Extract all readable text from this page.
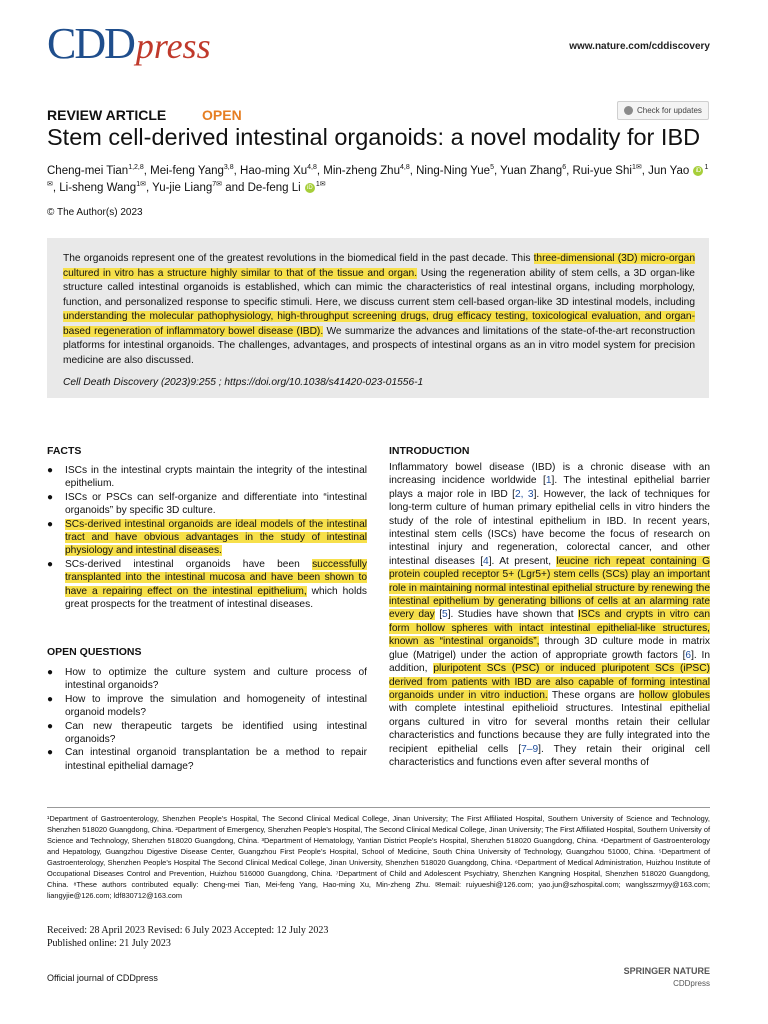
CDDpress	www.nature.com/cddiscovery
REVIEW ARTICLE	OPEN	Check for updates
Stem cell-derived intestinal organoids: a novel modality for IBD
Cheng-mei Tian$^{1,2,8}$, Mei-feng Yang$^{3,8}$, Hao-ming Xu$^{4,8}$, Min-zheng Zhu$^{4,8}$, Ning-Ning Yue$^5$, Yuan Zhang$^6$, Rui-yue Shi$^{1✉}$, Jun Yao iD $^{1✉}$, Li-sheng Wang$^{1✉}$, Yu-jie Liang$^{7✉}$ and De-feng Li iD $^{1✉}$
© The Author(s) 2023
The organoids represent one of the greatest revolutions in the biomedical field in the past decade. This three-dimensional (3D) micro-organ cultured in vitro has a structure highly similar to that of the tissue and organ. Using the regeneration ability of stem cells, a 3D organ-like structure called intestinal organoids is established, which can mimic the characteristics of real intestinal organs, including morphology, function, and personalized response to specific stimuli. Here, we discuss current stem cell-based organ-like 3D intestinal models, including understanding the molecular pathophysiology, high-throughput screening drugs, drug efficacy testing, toxicological evaluation, and organ-based regeneration of inflammatory bowel disease (IBD). We summarize the advances and limitations of the state-of-the-art reconstruction platforms for intestinal organoids. The challenges, advantages, and prospects of intestinal organs as an in vitro model system for precision medicine are also discussed.
Cell Death Discovery (2023)9:255 ; https://doi.org/10.1038/s41420-023-01556-1
FACTS
● ISCs in the intestinal crypts maintain the integrity of the intestinal epithelium.
● ISCs or PSCs can self-organize and differentiate into “intestinal organoids” by specific 3D culture.
● SCs-derived intestinal organoids are ideal models of the intestinal tract and have obvious advantages in the study of intestinal physiology and intestinal diseases.
● SCs-derived intestinal organoids have been successfully transplanted into the intestinal mucosa and have been shown to have a repairing effect on the intestinal epithelium, which holds great prospects for the treatment of intestinal diseases.
OPEN QUESTIONS
● How to optimize the culture system and culture process of intestinal organoids?
● How to improve the simulation and homogeneity of intestinal organoid models?
● Can new therapeutic targets be identified using intestinal organoids?
● Can intestinal organoid transplantation be a method to repair intestinal epithelial damage?
INTRODUCTION
Inflammatory bowel disease (IBD) is a chronic disease with an increasing incidence worldwide [1]. The intestinal epithelial barrier plays a major role in IBD [2, 3]. However, the lack of techniques for long-term culture of human primary epithelial cells in vitro hinders the study of the role of intestinal epithelium in IBD. In recent years, intestinal stem cells (ISCs) have become the focus of research on intestinal injury and regeneration, colorectal cancer, and other intestinal diseases [4]. At present, leucine rich repeat containing G protein coupled receptor 5+ (Lgr5+) stem cells (SCs) play an important role in maintaining normal intestinal epithelial structure by renewing the intestinal epithelium by generating billions of cells at an alarming rate every day [5]. Studies have shown that ISCs and crypts in vitro can form hollow spheres with intact intestinal epithelial-like structures, known as “intestinal organoids”, through 3D culture mode in matrix glue (Matrigel) under the action of appropriate growth factors [6]. In addition, pluripotent SCs (PSC) or induced pluripotent SCs (iPSC) derived from patients with IBD are also capable of forming intestinal organoids under in vitro induction. These organs are hollow globules with complete intestinal epithelioid structures. Intestinal epithelial organs cultured in vitro for several months retain their cellular characteristics and functions because they are fully integrated into the recipient epithelial cells [7–9]. They retain their original cell characteristics and functions even after several months of
¹Department of Gastroenterology, Shenzhen People’s Hospital, The Second Clinical Medical College, Jinan University; The First Affiliated Hospital, Southern University of Science and Technology, Shenzhen 518020 Guangdong, China. ²Department of Emergency, Shenzhen People’s Hospital, The Second Clinical Medical College, Jinan University; The First Affiliated Hospital, Southern University of Science and Technology, Shenzhen 518020 Guangdong, China. ³Department of Hematology, Yantian District People’s Hospital, Shenzhen 518020 Guangdong, China. ⁴Department of Gastroenterology and Hepatology, Guangzhou Digestive Disease Center, Guangzhou First People’s Hospital, School of Medicine, South China University of Technology, Guangzhou 51000, China. ⁵Department of Gastroenterology, Shenzhen People’s Hospital The Second Clinical Medical College, Jinan University, Shenzhen 518020 Guangdong, China. ⁶Department of Medical Administration, Huizhou Institute of Occupational Diseases Control and Prevention, Huizhou 516000 Guangdong, China. ⁷Department of Child and Adolescent Psychiatry, Shenzhen Kangning Hospital, Shenzhen 518020 Guangdong, China. ⁸These authors contributed equally: Cheng-mei Tian, Mei-feng Yang, Hao-ming Xu, Min-zheng Zhu. ✉email: ruiyueshi@126.com; yao.jun@szhospital.com; wanglsszrmyy@163.com; liangyjie@126.com; ldf830712@163.com
Received: 28 April 2023 Revised: 6 July 2023 Accepted: 12 July 2023
Published online: 21 July 2023
Official journal of CDDpress
SPRINGER NATURE
CDDpress
